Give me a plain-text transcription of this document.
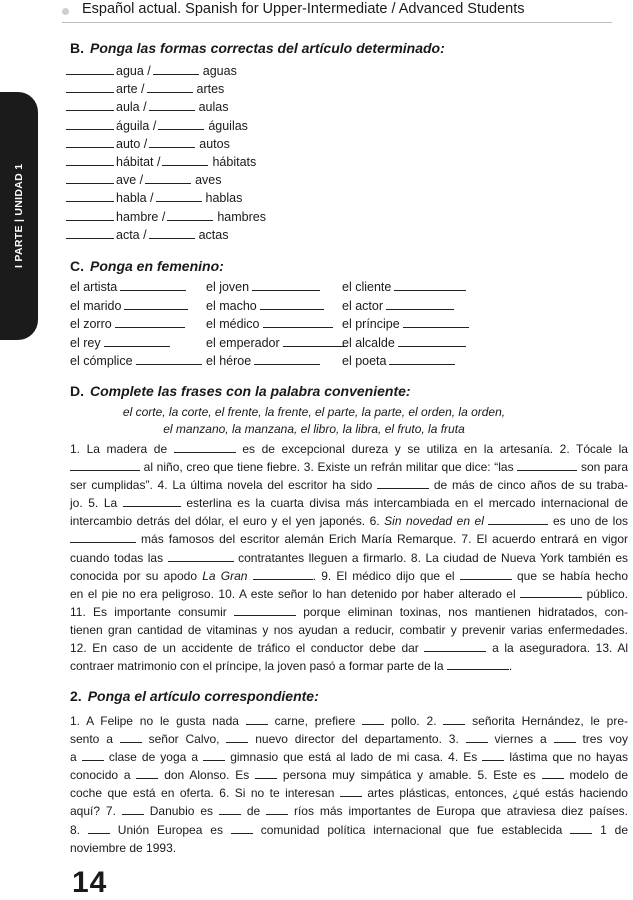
Español actual. Spanish for Upper-Intermediate / Advanced Students
I PARTE | UNIDAD 1
B. Ponga las formas correctas del artículo determinado:
agua /	aguas
arte /	artes
aula /	aulas
águila /	águilas
auto /	autos
hábitat /	hábitats
ave /	aves
habla /	hablas
hambre /	hambres
acta /	actas
C. Ponga en femenino:
el artista	el joven	el cliente
el marido	el macho	el actor
el zorro	el médico	el príncipe
el rey	el emperador	el alcalde
el cómplice	el héroe	el poeta
D. Complete las frases con la palabra conveniente:
el corte, la corte, el frente, la frente, el parte, la parte, el orden, la orden,
el manzano, la manzana, el libro, la libra, el fruto, la fruta
1. La madera de	es de excepcional dureza y se utiliza en la artesanía. 2. Tócale la
al niño, creo que tiene fiebre. 3. Existe un refrán militar que dice: “las	son para
ser cumplidas”. 4. La última novela del escritor ha sido	de más de cinco años de su traba-
jo. 5. La	esterlina es la cuarta divisa más intercambiada en el mercado internacional de
intercambio detrás del dólar, el euro y el yen japonés. 6. Sin novedad en el	es uno de los
más famosos del escritor alemán Erich María Remarque. 7. El acuerdo entrará en vigor
cuando todas las	contratantes lleguen a firmarlo. 8. La ciudad de Nueva York también es
conocida por su apodo La Gran	. 9. El médico dijo que el	que se había hecho
en el pie no era peligroso. 10. A este señor lo han detenido por haber alterado el	público.
11. Es importante consumir	porque eliminan toxinas, nos mantienen hidratados, con-
tienen gran cantidad de vitaminas y nos ayudan a reducir, combatir y prevenir varias enfermedades.
12. En caso de un accidente de tráfico el conductor debe dar	a la aseguradora. 13. Al
contraer matrimonio con el príncipe, la joven pasó a formar parte de la	.
2. Ponga el artículo correspondiente:
1. A Felipe no le gusta nada  carne, prefiere  pollo. 2.  señorita Hernández, le pre-
sento a  señor Calvo,  nuevo director del departamento. 3.  viernes a  tres voy
a  clase de yoga a  gimnasio que está al lado de mi casa. 4. Es  lástima que no hayas
conocido a  don Alonso. Es  persona muy simpática y amable. 5. Este es  modelo de
coche que está en oferta. 6. Si no te interesan  artes plásticas, entonces, ¿qué estás haciendo
aquí? 7.  Danubio es  de  ríos más importantes de Europa que atraviesa diez países.
8.  Unión Europea es  comunidad política internacional que fue establecida  1 de
noviembre de 1993.
14
